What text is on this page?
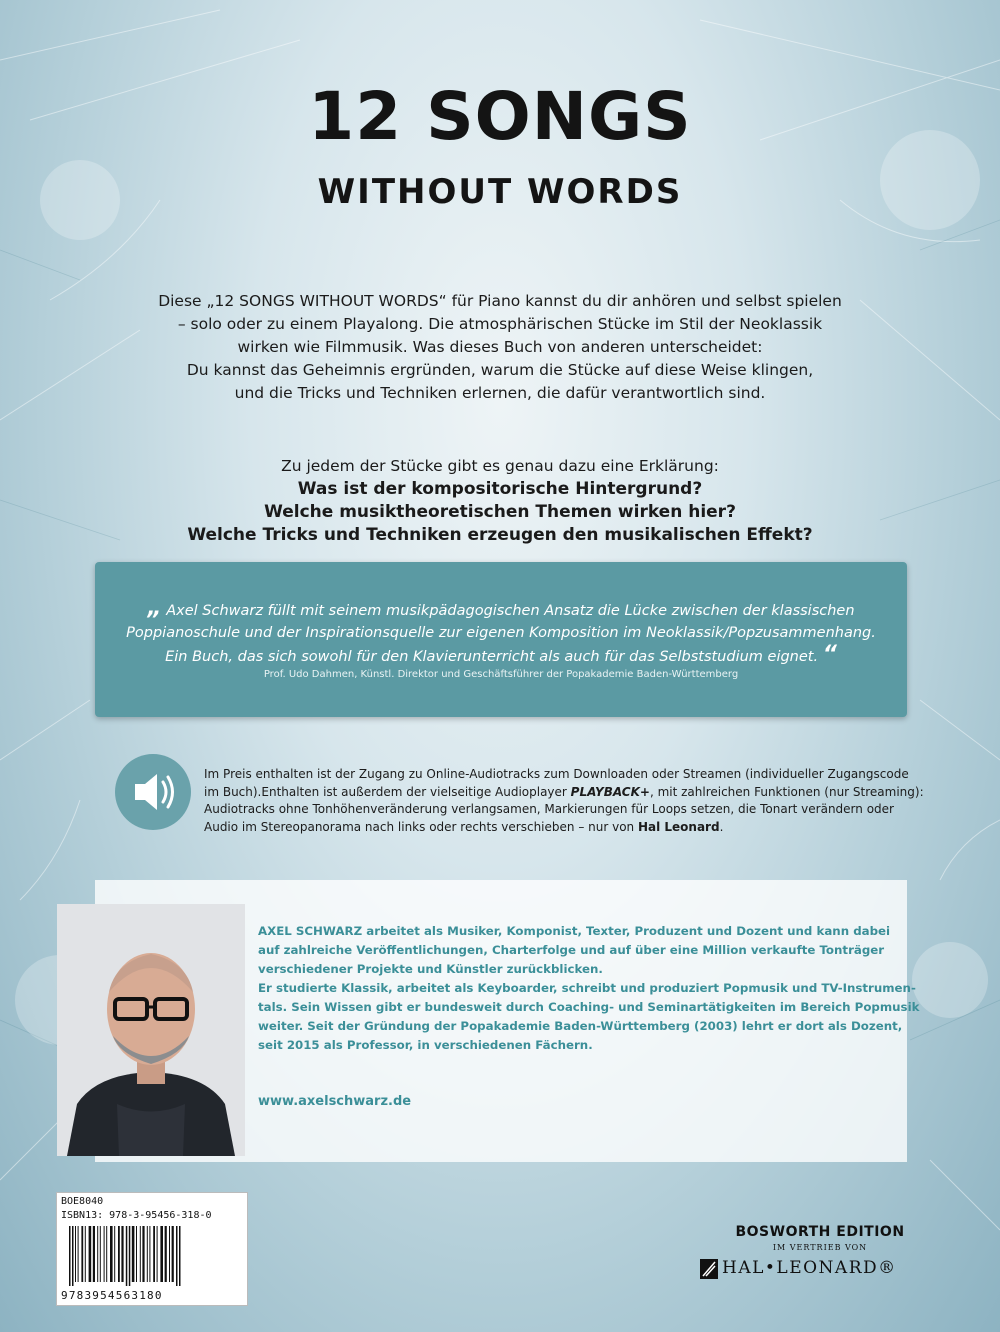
12 SONGS
WITHOUT WORDS
Diese „12 SONGS WITHOUT WORDS“ für Piano kannst du dir anhören und selbst spielen
– solo oder zu einem Playalong. Die atmosphärischen Stücke im Stil der Neoklassik
wirken wie Filmmusik. Was dieses Buch von anderen unterscheidet:
Du kannst das Geheimnis ergründen, warum die Stücke auf diese Weise klingen,
und die Tricks und Techniken erlernen, die dafür verantwortlich sind.
Zu jedem der Stücke gibt es genau dazu eine Erklärung:
Was ist der kompositorische Hintergrund?
Welche musiktheoretischen Themen wirken hier?
Welche Tricks und Techniken erzeugen den musikalischen Effekt?
„ Axel Schwarz füllt mit seinem musikpädagogischen Ansatz die Lücke zwischen der klassischen
Poppianoschule und der Inspirationsquelle zur eigenen Komposition im Neoklassik/Popzusammenhang.
Ein Buch, das sich sowohl für den Klavierunterricht als auch für das Selbststudium eignet. “
Prof. Udo Dahmen, Künstl. Direktor und Geschäftsführer der Popakademie Baden-Württemberg
Im Preis enthalten ist der Zugang zu Online-Audiotracks zum Downloaden oder Streamen (individueller Zugangscode
im Buch).Enthalten ist außerdem der vielseitige Audioplayer PLAYBACK+, mit zahlreichen Funktionen (nur Streaming):
Audiotracks ohne Tonhöhenveränderung verlangsamen, Markierungen für Loops setzen, die Tonart verändern oder
Audio im Stereopanorama nach links oder rechts verschieben – nur von Hal Leonard.
AXEL SCHWARZ arbeitet als Musiker, Komponist, Texter, Produzent und Dozent und kann dabei
auf zahlreiche Veröffentlichungen, Charterfolge und auf über eine Million verkaufte Tonträger
verschiedener Projekte und Künstler zurückblicken.
Er studierte Klassik, arbeitet als Keyboarder, schreibt und produziert Popmusik und TV-Instrumen-
tals. Sein Wissen gibt er bundesweit durch Coaching- und Seminartätigkeiten im Bereich Popmusik
weiter. Seit der Gründung der Popakademie Baden-Württemberg (2003) lehrt er dort als Dozent,
seit 2015 als Professor, in verschiedenen Fächern.
www.axelschwarz.de
BOE8040
ISBN13: 978-3-95456-318-0
9783954563180
BOSWORTH EDITION
IM VERTRIEB VON
HAL•LEONARD®
